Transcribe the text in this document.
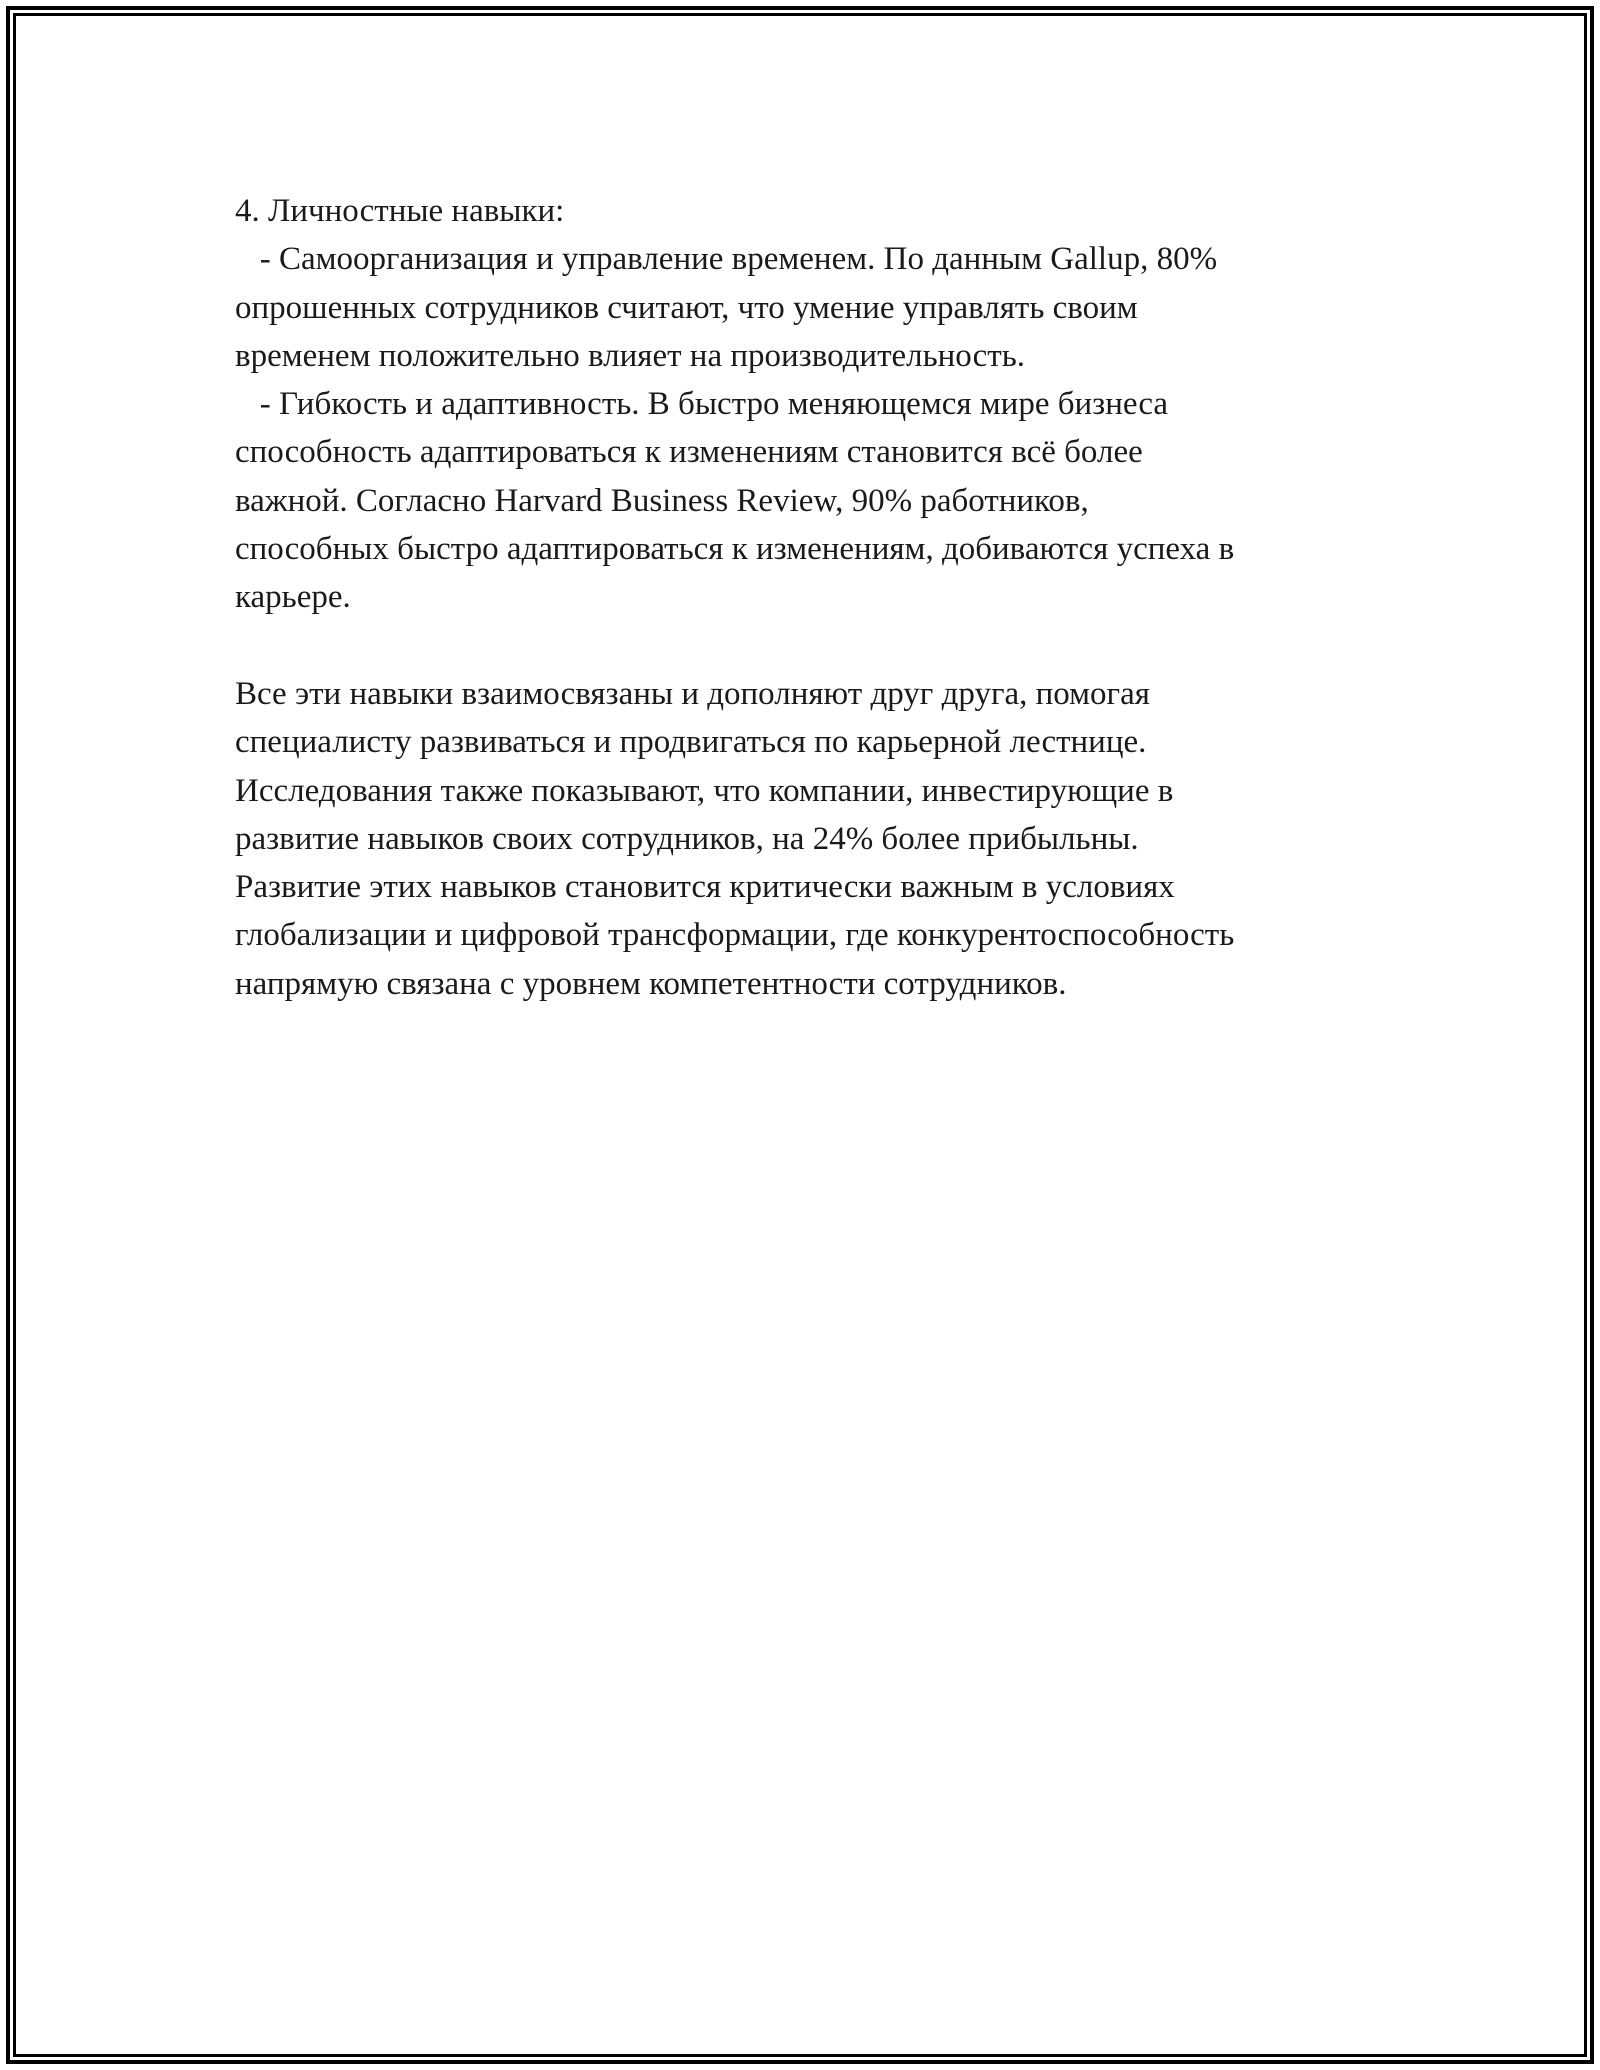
4. Личностные навыки:
- Самоорганизация и управление временем. По данным Gallup, 80%
опрошенных сотрудников считают, что умение управлять своим
временем положительно влияет на производительность.
- Гибкость и адаптивность. В быстро меняющемся мире бизнеса
способность адаптироваться к изменениям становится всё более
важной. Согласно Harvard Business Review, 90% работников,
способных быстро адаптироваться к изменениям, добиваются успеха в
карьере.
Все эти навыки взаимосвязаны и дополняют друг друга, помогая
специалисту развиваться и продвигаться по карьерной лестнице.
Исследования также показывают, что компании, инвестирующие в
развитие навыков своих сотрудников, на 24% более прибыльны.
Развитие этих навыков становится критически важным в условиях
глобализации и цифровой трансформации, где конкурентоспособность
напрямую связана с уровнем компетентности сотрудников.
